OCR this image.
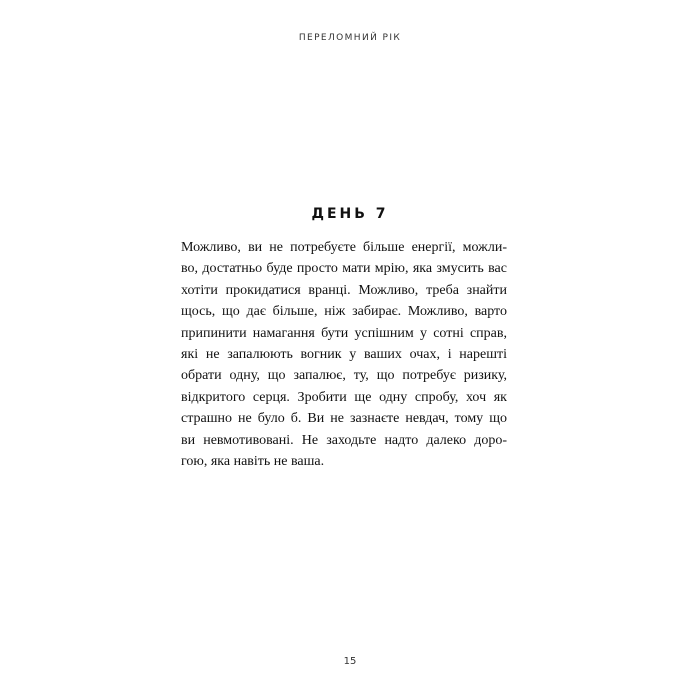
ПЕРЕЛОМНИЙ РІК
ДЕНЬ 7
Можливо, ви не потребуєте більше енергії, можли-
во, достатньо буде просто мати мрію, яка змусить вас
хотіти прокидатися вранці. Можливо, треба знайти
щось, що дає більше, ніж забирає. Можливо, варто
припинити намагання бути успішним у сотні справ,
які не запалюють вогник у ваших очах, і нарешті
обрати одну, що запалює, ту, що потребує ризику,
відкритого серця. Зробити ще одну спробу, хоч як
страшно не було б. Ви не зазнаєте невдач, тому що
ви невмотивовані. Не заходьте надто далеко доро-
гою, яка навіть не ваша.
15
